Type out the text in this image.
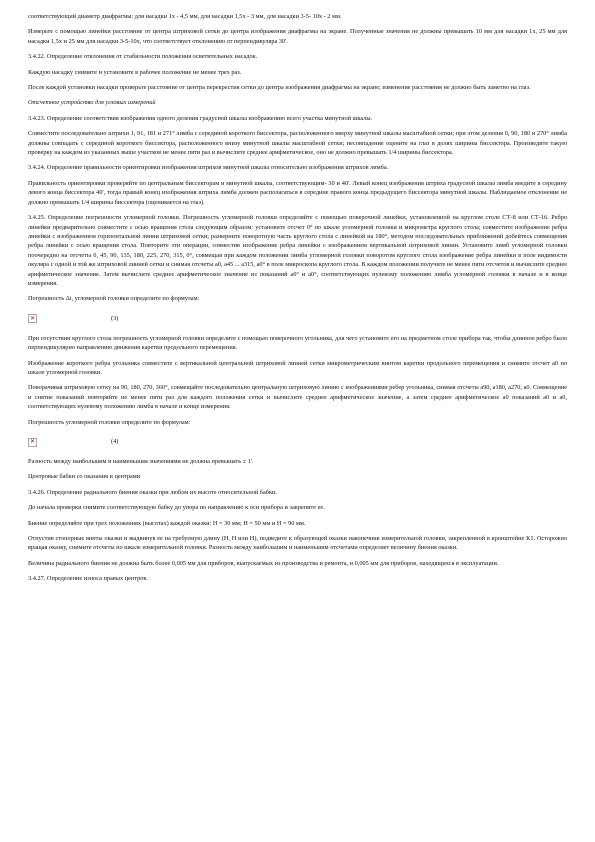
соответствующий диаметр диафрагмы: для насадки 1х - 4,5 мм, для насадки 1,5х - 3 мм, для насадки 3-5- 10х - 2 мм.

Измерьте с помощью линейки расстояние от центра штриховой сетки до центра изображения диафрагмы на экране. Полученные значения не должны превышать 10 мм для насадки 1х, 25 мм для насадки 1,5х и 25 мм для насадки 3-5-10х, что соответствует отклонению от перпендикуляра 30'.

3.4.22. Определение отклонения от стабильности положения осветительных насадок.

Каждую насадку снимите и установите в рабочее положение не менее трех раз.

После каждой установки насадки проверьте расстояние от центра перекрестия сетки до центра изображения диафрагмы на экране; изменение расстояния не должно быть заметно на глаз.

Отсчетное устройство для угловых измерений

3.4.23. Определение соответствия изображения одного деления градусной шкалы изображению всего участка минутной шкалы.

Совместите последовательно штрихи 1, 91, 181 и 271° лимба с серединой короткого биссектора, расположенного вверху минутной шкалы масштабной сетки; при этом деления 0, 90, 180 и 270° лимба должны совпадать с серединой короткого биссектора, расположенного внизу минутной шкалы масштабной сетки; несовпадение оцените на глаз в долях ширины биссектора. Произведите такую проверку на каждом из указанных выше участков не менее пяти раз и вычислите среднее арифметическое, оно не должно превышать 1/4 ширины биссектора.

3.4.24. Определение правильности ориентировки изображения штрихов минутной шкалы относительно изображения штрихов лимба.

Правильность ориентировки проверяйте по центральным биссекторам и минутной шкалы, соответствующим- 30 и 40'. Левый конец изображения штриха градусной шкалы лимба введите в середину левого конца биссектора 40', тогда правый конец изображения штриха лимба должен располагаться в середине правого конца предыдущего биссектора минутной шкалы. Наблюдаемое отклонение не должно превышать 1/4 ширины биссектора (оценивается на глаз).

3.4.25. Определение погрешности угломерной головки. Погрешность угломерной головки определяйте с помощью поверочной линейки, установленной на круглом столе СТ-8 или СТ-16. Ребро линейки предварительно совместите с осью вращения стола следующим образом: установите отсчет 0° по шкале угломерной головки и микрометра круглого стола; совместите изображение ребра линейки с изображением горизонтальной линии штриховой сетки; разверните поворотную часть круглого стола с линейкой на 180°, методом последовательных приближений добейтесь совмещения ребра линейки с осью вращения стола. Повторите эти операции, совместив изображение ребра линейки с изображением вертикальной штриховой линии. Установите лимб угломерной головки поочередно на отсчеты 0, 45, 90, 135, 180, 225, 270, 315, 0°, совмещая при каждом положении лимба угломерной головки поворотом круглого стола изображение ребра линейки в поле видимости окуляра с одной и той же штриховой линией сетки и снимая отсчеты а0, а45 ... а315, а0° в поле микроскопа круглого стола. В каждом положении получите не менее пяти отсчетов и вычислите среднее арифметическое значение. Затем вычислите среднее арифметическое значение из показаний а0° и а0°, соответствующих нулевому положению лимба угломерной головки в начале и в конце измерения.

Погрешность Δi, угломерной головки определите по формулам:

✕	(3)

При отсутствии круглого стола погрешность угломерной головки определите с помощью поверочного угольника, для чего установите его на предметном столе прибора так, чтобы длинное ребро было перпендикулярно направлению движения каретки продольного перемещения.

Изображение короткого ребра угольника совместите с вертикальной центральной штриховой линией сетки микрометрическим винтом каретки продольного перемещения и снимите отсчет а0 по шкале угломерной головки.

Поворачивая штриховую сетку на 90, 180, 270, 360°, совмещайте последовательно центральную штриховую линию с изображениями ребер угольника, снимая отсчеты а90, а180, а270, а0. Совмещение и снятие показаний повторяйте не менее пяти раз для каждого положения сетки и вычислите среднее арифметическое значение, а затем среднее арифметическое а0 показаний а0 и а0, соответствующих нулевому положению лимба в начале и конце измерения.

Погрешность угломерной головки определите по формулам:

✕	(4)

Разность между наибольшим и наименьшим значениями не должна превышать ± 1'.

Центровые бабки со оказания и центрами

3.4.26. Определение радиального биения оказки при любом их высоте относительной бабки.

До начала проверки снимите соответствующую бабку до упора по направлению к оси прибора и закрепите ее.

Биение определяйте при трех положениях (высотах) каждой оказки: Н = 30 мм; Н = 50 мм и Н = 90 мм.

Отпустив стопорные винты оказки и выдвинув ее на требуемую длину (Н, Н или Н), подведите к образующей оказки наконечник измерительной головки, закрепленной в кронштейне К1. Осторожно вращая оказку, снимите отсчеты по шкале измерительной головки. Разность между наибольшим и наименьшим отсчетами определяет величину биения оказки.

Величина радиального биения не должна быть более 0,005 мм для приборов, выпускаемых из производства и ремонта, и 0,005 мм для приборов, находящихся в эксплуатации.

3.4.27. Определение износа правых центров.
